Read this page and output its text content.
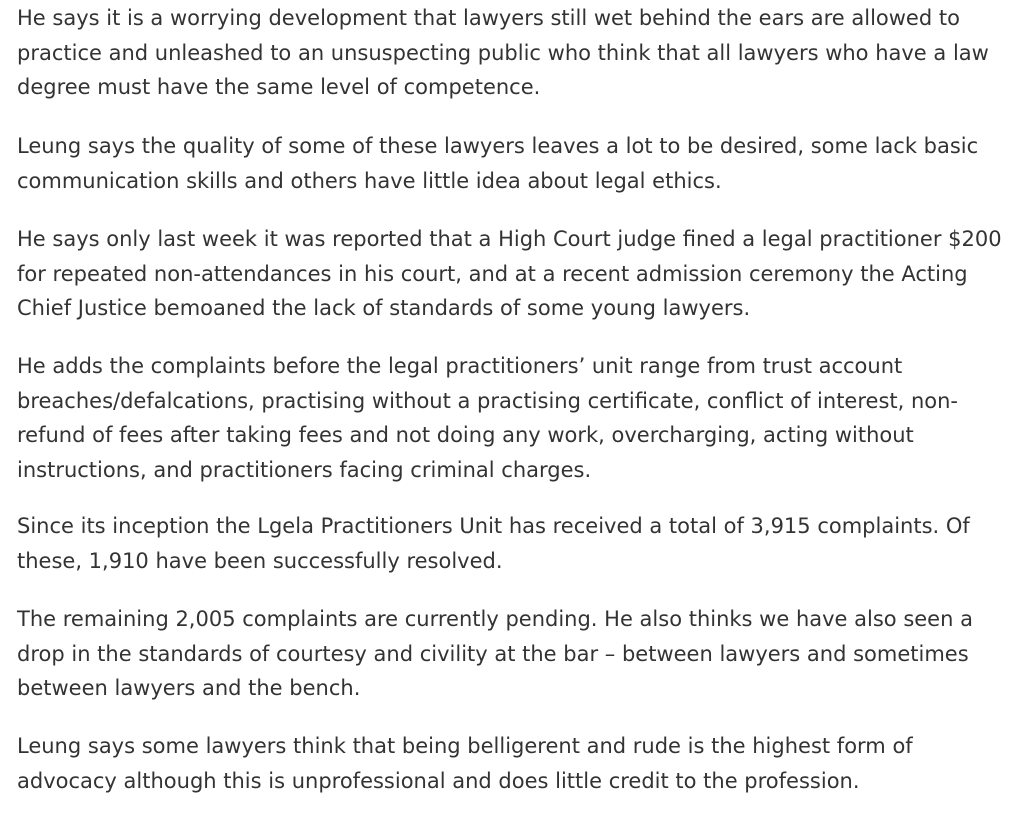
He says it is a worrying development that lawyers still wet behind the ears are allowed to
practice and unleashed to an unsuspecting public who think that all lawyers who have a law
degree must have the same level of competence.

Leung says the quality of some of these lawyers leaves a lot to be desired, some lack basic
communication skills and others have little idea about legal ethics.

He says only last week it was reported that a High Court judge fined a legal practitioner $200
for repeated non-attendances in his court, and at a recent admission ceremony the Acting
Chief Justice bemoaned the lack of standards of some young lawyers.

He adds the complaints before the legal practitioners’ unit range from trust account
breaches/defalcations, practising without a practising certificate, conflict of interest, non-
refund of fees after taking fees and not doing any work, overcharging, acting without
instructions, and practitioners facing criminal charges.

Since its inception the Lgela Practitioners Unit has received a total of 3,915 complaints. Of
these, 1,910 have been successfully resolved.

The remaining 2,005 complaints are currently pending. He also thinks we have also seen a
drop in the standards of courtesy and civility at the bar – between lawyers and sometimes
between lawyers and the bench.

Leung says some lawyers think that being belligerent and rude is the highest form of
advocacy although this is unprofessional and does little credit to the profession.
